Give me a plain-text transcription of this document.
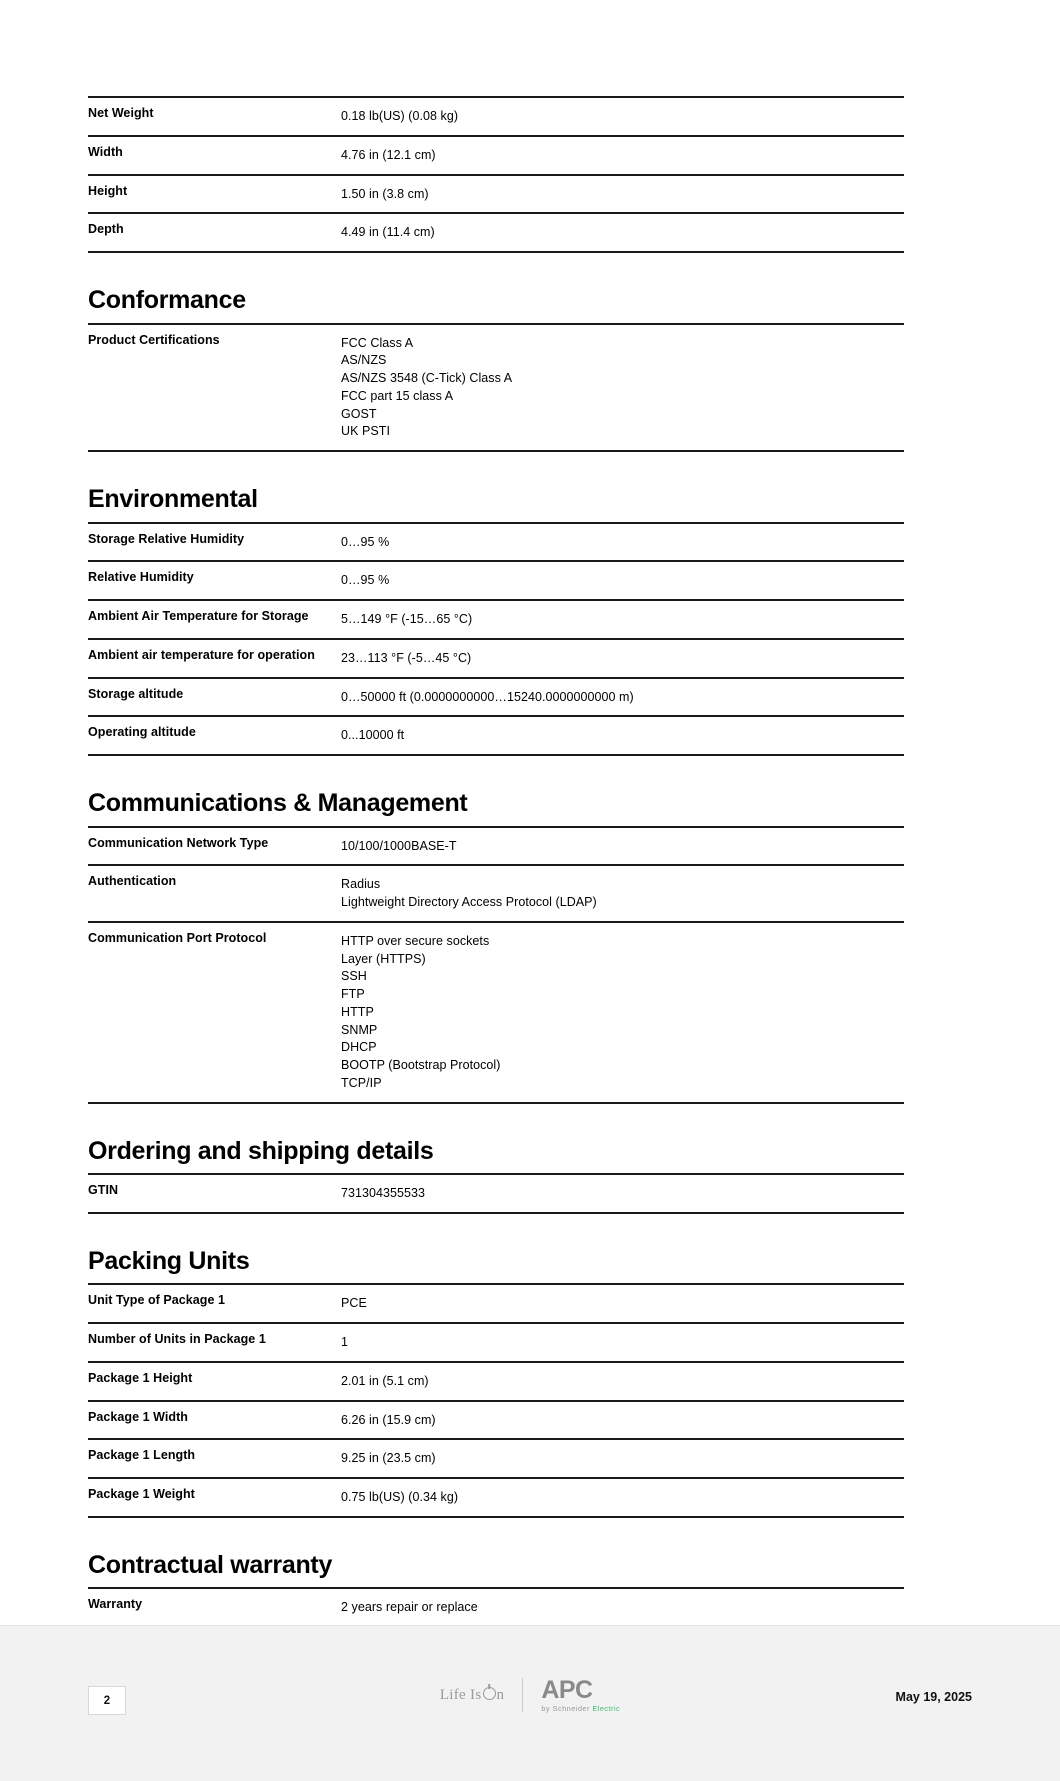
Net Weight	0.18 lb(US) (0.08 kg)

Width	4.76 in (12.1 cm)

Height	1.50 in (3.8 cm)

Depth	4.49 in (11.4 cm)
Conformance
Product Certifications	FCC Class A
AS/NZS
AS/NZS 3548 (C-Tick) Class A
FCC part 15 class A
GOST
UK PSTI
Environmental
Storage Relative Humidity	0…95 %

Relative Humidity	0…95 %

Ambient Air Temperature for Storage	5…149 °F (-15…65 °C)

Ambient air temperature for operation	23…113 °F (-5…45 °C)

Storage altitude	0…50000 ft (0.0000000000…15240.0000000000 m)

Operating altitude	0...10000 ft
Communications & Management
Communication Network Type	10/100/1000BASE-T

Authentication	Radius
Lightweight Directory Access Protocol (LDAP)

Communication Port Protocol	HTTP over secure sockets
Layer (HTTPS)
SSH
FTP
HTTP
SNMP
DHCP
BOOTP (Bootstrap Protocol)
TCP/IP
Ordering and shipping details
GTIN	731304355533
Packing Units
Unit Type of Package 1	PCE

Number of Units in Package 1	1

Package 1 Height	2.01 in (5.1 cm)

Package 1 Width	6.26 in (15.9 cm)

Package 1 Length	9.25 in (23.5 cm)

Package 1 Weight	0.75 lb(US) (0.34 kg)
Contractual warranty
Warranty	2 years repair or replace
2	Life Is n APC
by Schneider Electric
May 19, 2025
